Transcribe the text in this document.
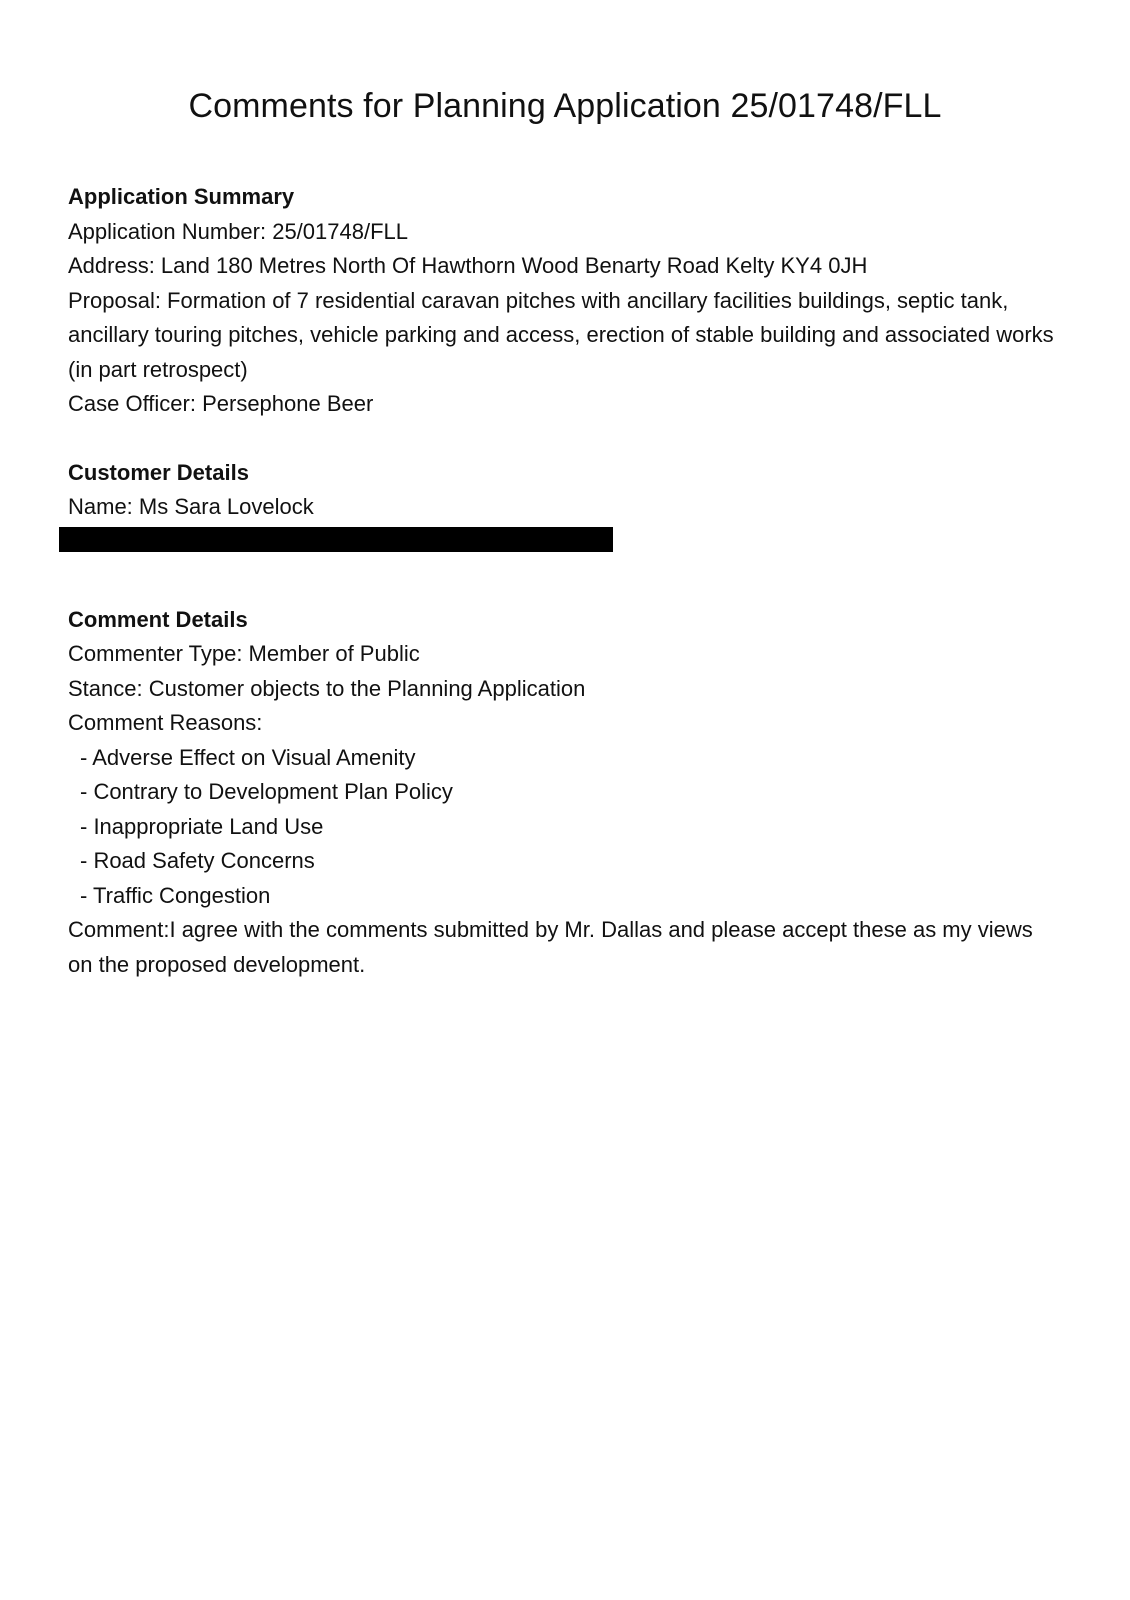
Comments for Planning Application 25/01748/FLL

Application Summary

Application Number: 25/01748/FLL

Address: Land 180 Metres North Of Hawthorn Wood Benarty Road Kelty KY4 0JH

Proposal: Formation of 7 residential caravan pitches with ancillary facilities buildings, septic tank, ancillary touring pitches, vehicle parking and access, erection of stable building and associated works (in part retrospect)

Case Officer: Persephone Beer

Customer Details

Name: Ms Sara Lovelock

Comment Details

Commenter Type: Member of Public

Stance: Customer objects to the Planning Application

Comment Reasons:

- Adverse Effect on Visual Amenity

- Contrary to Development Plan Policy

- Inappropriate Land Use

- Road Safety Concerns

- Traffic Congestion

Comment:I agree with the comments submitted by Mr. Dallas and please accept these as my views on the proposed development.
